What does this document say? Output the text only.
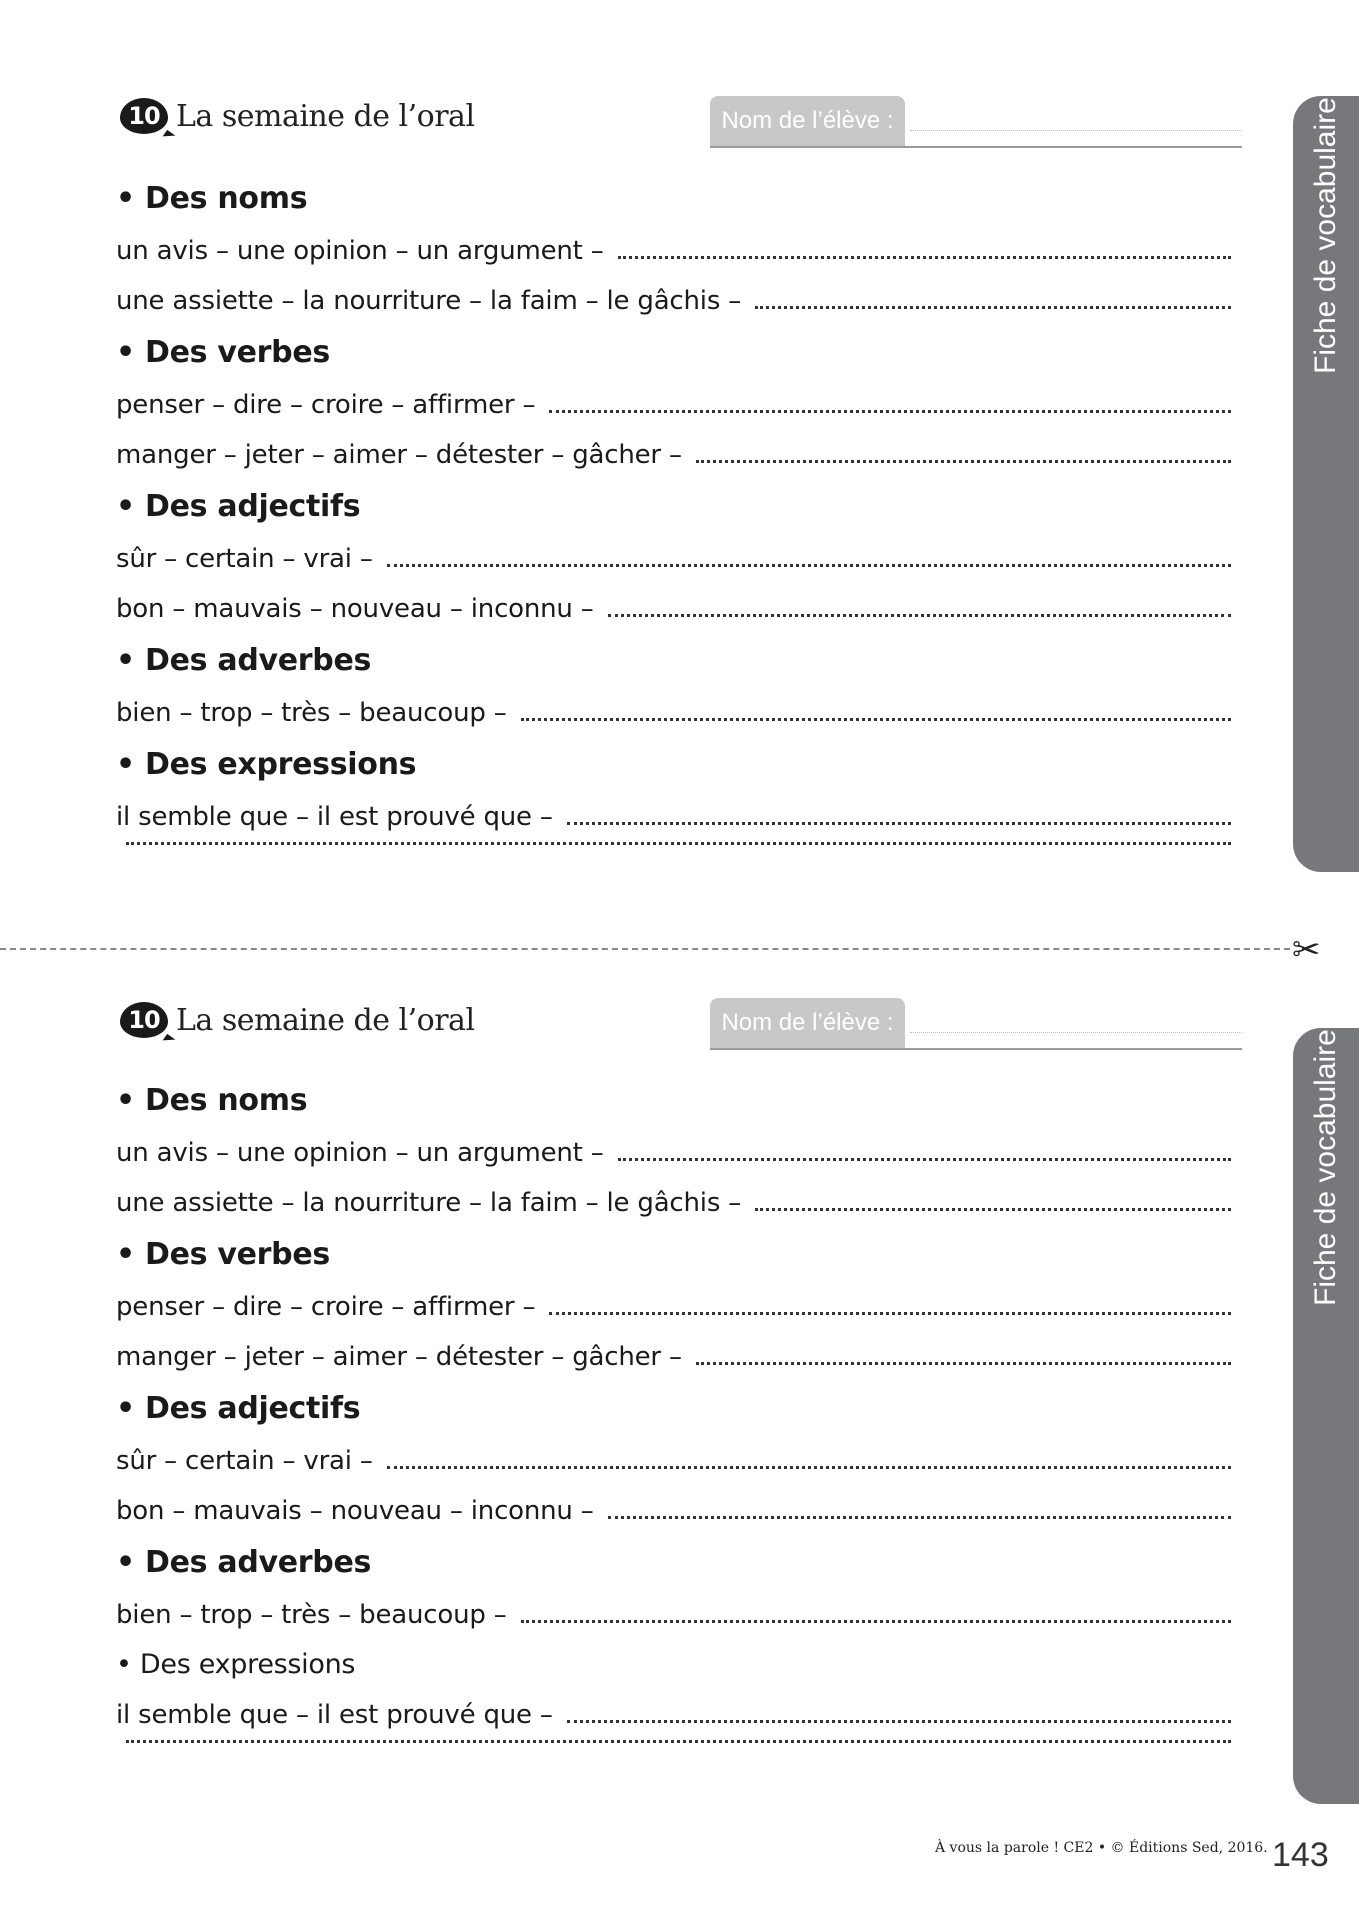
10 La semaine de l’oral	Nom de l’élève :
• Des noms
un avis – une opinion – un argument –
une assiette – la nourriture – la faim – le gâchis –
• Des verbes
penser – dire – croire – affirmer –
manger – jeter – aimer – détester – gâcher –
• Des adjectifs
sûr – certain – vrai –
bon – mauvais – nouveau – inconnu –
• Des adverbes
bien – trop – très – beaucoup –
• Des expressions
il semble que – il est prouvé que –
Fiche de vocabulaire
✂
10 La semaine de l’oral	Nom de l’élève :
• Des noms
un avis – une opinion – un argument –
une assiette – la nourriture – la faim – le gâchis –
• Des verbes
penser – dire – croire – affirmer –
manger – jeter – aimer – détester – gâcher –
• Des adjectifs
sûr – certain – vrai –
bon – mauvais – nouveau – inconnu –
• Des adverbes
bien – trop – très – beaucoup –
• Des expressions
il semble que – il est prouvé que –
Fiche de vocabulaire
À vous la parole ! CE2 • © Éditions Sed, 2016. 143
